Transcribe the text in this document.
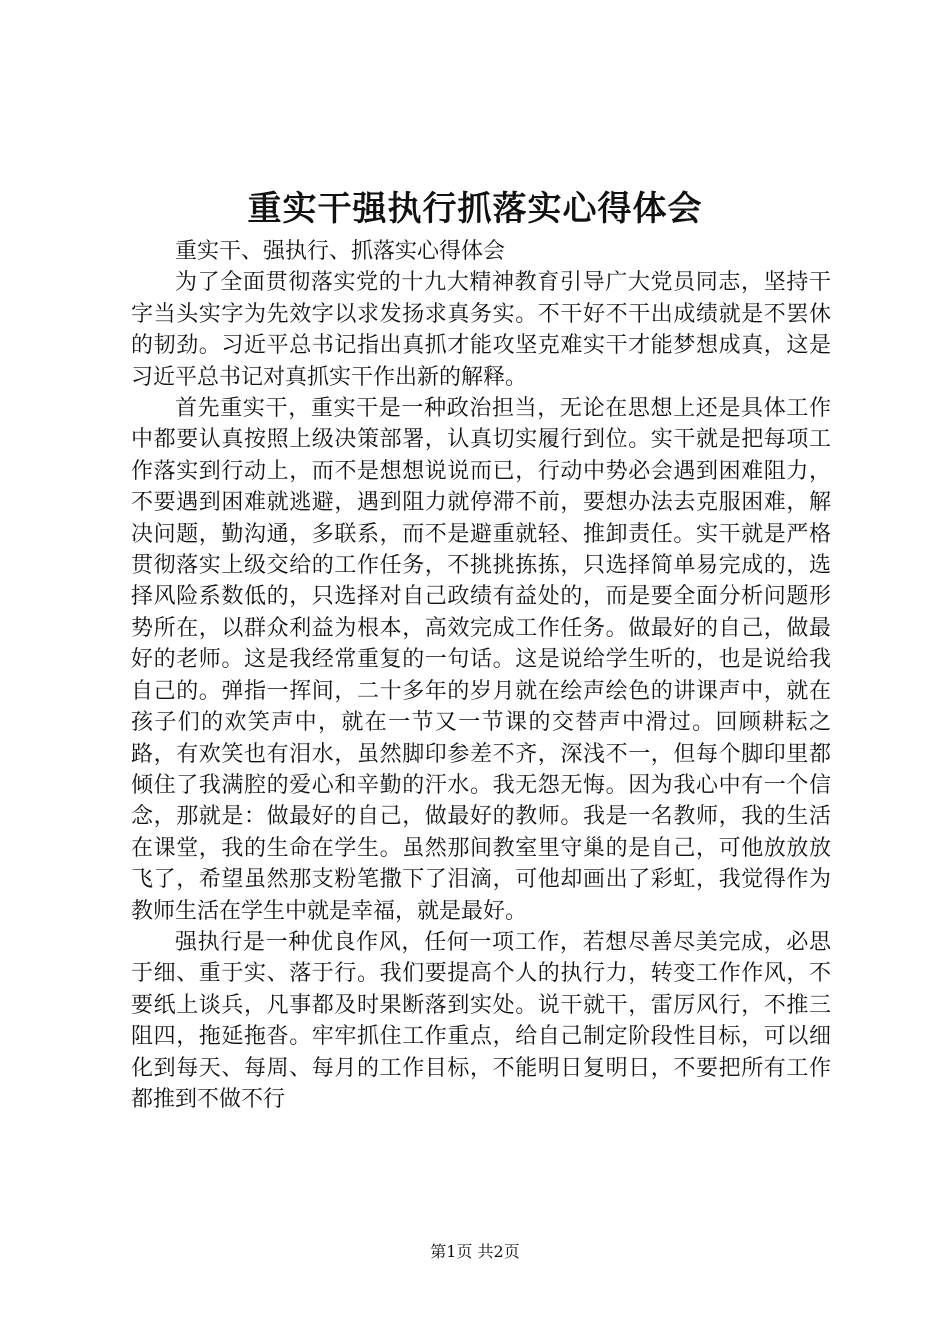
重实干强执行抓落实心得体会

重实干、强执行、抓落实心得体会

为了全面贯彻落实党的十九大精神教育引导广大党员同志，坚持干字当头实字为先效字以求发扬求真务实。不干好不干出成绩就是不罢休的韧劲。习近平总书记指出真抓才能攻坚克难实干才能梦想成真，这是习近平总书记对真抓实干作出新的解释。

首先重实干，重实干是一种政治担当，无论在思想上还是具体工作中都要认真按照上级决策部署，认真切实履行到位。实干就是把每项工作落实到行动上，而不是想想说说而已，行动中势必会遇到困难阻力，不要遇到困难就逃避，遇到阻力就停滞不前，要想办法去克服困难，解决问题，勤沟通，多联系，而不是避重就轻、推卸责任。实干就是严格贯彻落实上级交给的工作任务，不挑挑拣拣，只选择简单易完成的，选择风险系数低的，只选择对自己政绩有益处的，而是要全面分析问题形势所在，以群众利益为根本，高效完成工作任务。做最好的自己，做最好的老师。这是我经常重复的一句话。这是说给学生听的，也是说给我自己的。弹指一挥间，二十多年的岁月就在绘声绘色的讲课声中，就在孩子们的欢笑声中，就在一节又一节课的交替声中滑过。回顾耕耘之路，有欢笑也有泪水，虽然脚印参差不齐，深浅不一，但每个脚印里都倾住了我满腔的爱心和辛勤的汗水。我无怨无悔。因为我心中有一个信念，那就是：做最好的自己，做最好的教师。我是一名教师，我的生活在课堂，我的生命在学生。虽然那间教室里守巢的是自己，可他放放放飞了，希望虽然那支粉笔撒下了泪滴，可他却画出了彩虹，我觉得作为教师生活在学生中就是幸福，就是最好。

强执行是一种优良作风，任何一项工作，若想尽善尽美完成，必思于细、重于实、落于行。我们要提高个人的执行力，转变工作作风，不要纸上谈兵，凡事都及时果断落到实处。说干就干，雷厉风行，不推三阻四，拖延拖沓。牢牢抓住工作重点，给自己制定阶段性目标，可以细化到每天、每周、每月的工作目标，不能明日复明日，不要把所有工作都推到不做不行

第1页 共2页
